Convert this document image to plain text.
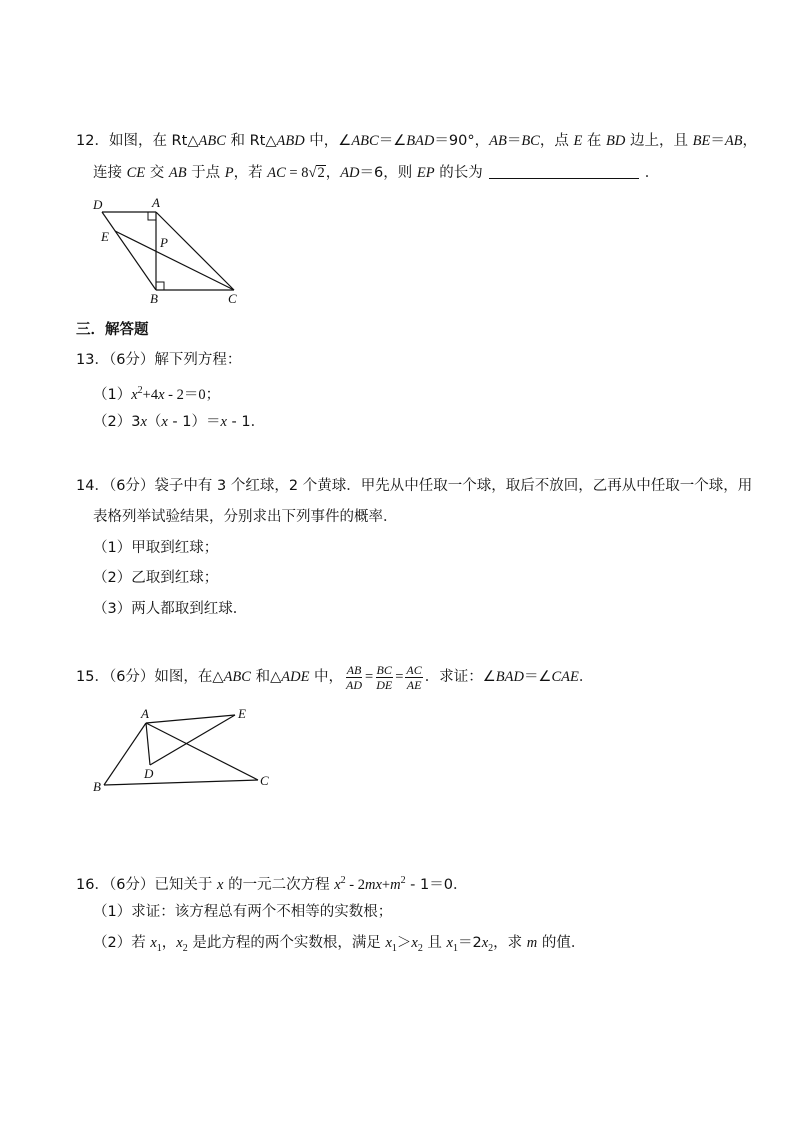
12．如图，在 Rt△ABC 和 Rt△ABD 中，∠ABC＝∠BAD＝90°，AB＝BC，点 E 在 BD 边上，且 BE＝AB，
连接 CE 交 AB 于点 P，若 AC = 8√2，AD＝6，则 EP 的长为	．
D	A
E	P
B	C
三．解答题
13．（6分）解下列方程：
$(1)x^2+4x - 2=0$；
（2）3x（x - 1）＝x - 1．
14．（6分）袋子中有 3 个红球，2 个黄球．甲先从中任取一个球，取后不放回，乙再从中任取一个球，用
表格列举试验结果，分别求出下列事件的概率．
（1）甲取到红球；
（2）乙取到红球；
（3）两人都取到红球．
15．（6分）如图，在△ABC 和△ADE 中， $\frac{AB}{AD} = \frac{BC}{DE} = \frac{AC}{AE}$ ．求证：∠BAD＝∠CAE．
A	E
D
B	C
16．（6分）已知关于 x 的一元二次方程 $x^2 - 2mx+m^2 - 1=0$．
（1）求证：该方程总有两个不相等的实数根；
（2）若 $x_1$，$x_2$ 是此方程的两个实数根，满足 $x_1>x_2$ 且 $x_1=2x_2$，求 m 的值．
